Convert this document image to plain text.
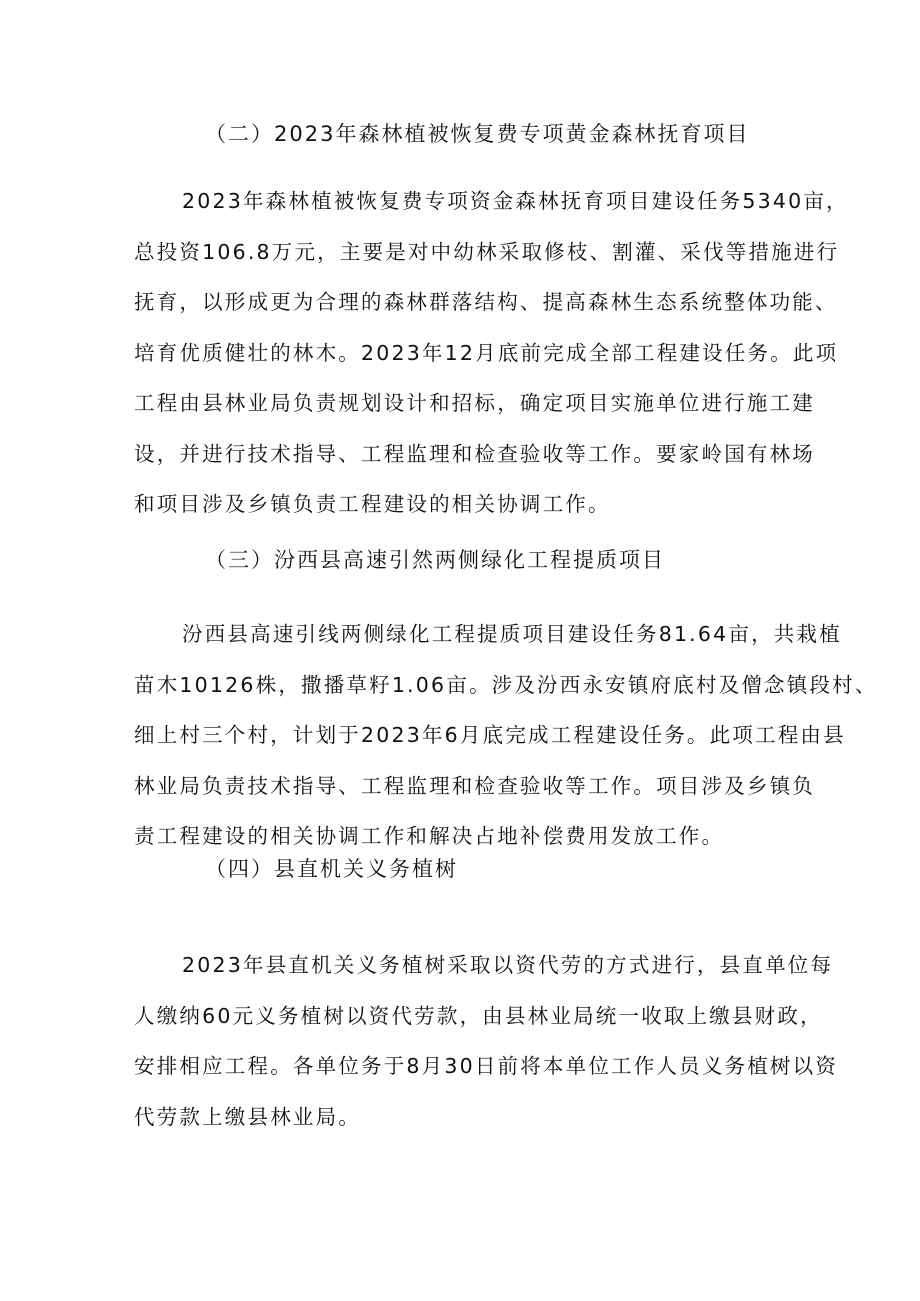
（二）2023年森林植被恢复费专项黄金森林抚育项目
2023年森林植被恢复费专项资金森林抚育项目建设任务5340亩，
总投资106.8万元，主要是对中幼林采取修枝、割灌、采伐等措施进行
抚育，以形成更为合理的森林群落结构、提高森林生态系统整体功能、
培育优质健壮的林木。2023年12月底前完成全部工程建设任务。此项
工程由县林业局负责规划设计和招标，确定项目实施单位进行施工建
设，并进行技术指导、工程监理和检查验收等工作。要家岭国有林场
和项目涉及乡镇负责工程建设的相关协调工作。
（三）汾西县高速引然两侧绿化工程提质项目
汾西县高速引线两侧绿化工程提质项目建设任务81.64亩，共栽植
苗木10126株，撒播草籽1.06亩。涉及汾西永安镇府底村及僧念镇段村、
细上村三个村，计划于2023年6月底完成工程建设任务。此项工程由县
林业局负责技术指导、工程监理和检查验收等工作。项目涉及乡镇负
责工程建设的相关协调工作和解决占地补偿费用发放工作。
（四）县直机关义务植树
2023年县直机关义务植树采取以资代劳的方式进行，县直单位每
人缴纳60元义务植树以资代劳款，由县林业局统一收取上缴县财政，
安排相应工程。各单位务于8月30日前将本单位工作人员义务植树以资
代劳款上缴县林业局。
